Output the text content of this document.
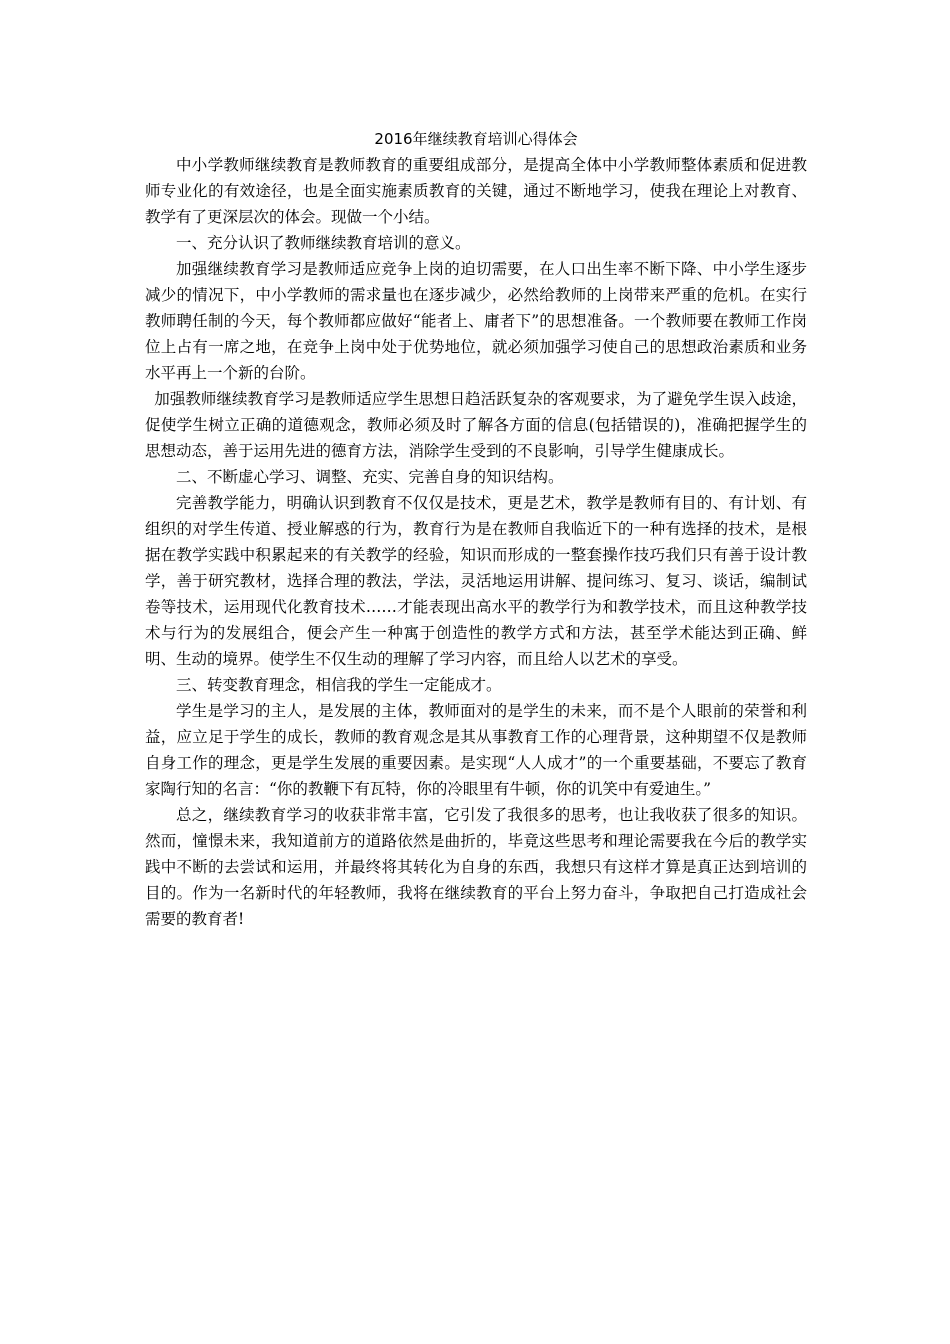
2016年继续教育培训心得体会

中小学教师继续教育是教师教育的重要组成部分，是提高全体中小学教师整体素质和促进教师专业化的有效途径，也是全面实施素质教育的关键，通过不断地学习，使我在理论上对教育、教学有了更深层次的体会。现做一个小结。

一、充分认识了教师继续教育培训的意义。

加强继续教育学习是教师适应竞争上岗的迫切需要，在人口出生率不断下降、中小学生逐步减少的情况下，中小学教师的需求量也在逐步减少，必然给教师的上岗带来严重的危机。在实行教师聘任制的今天，每个教师都应做好“能者上、庸者下”的思想准备。一个教师要在教师工作岗位上占有一席之地，在竞争上岗中处于优势地位，就必须加强学习使自己的思想政治素质和业务水平再上一个新的台阶。

加强教师继续教育学习是教师适应学生思想日趋活跃复杂的客观要求，为了避免学生误入歧途，促使学生树立正确的道德观念，教师必须及时了解各方面的信息(包括错误的)，准确把握学生的思想动态，善于运用先进的德育方法，消除学生受到的不良影响，引导学生健康成长。

二、不断虚心学习、调整、充实、完善自身的知识结构。

完善教学能力，明确认识到教育不仅仅是技术，更是艺术，教学是教师有目的、有计划、有组织的对学生传道、授业解惑的行为，教育行为是在教师自我临近下的一种有选择的技术，是根据在教学实践中积累起来的有关教学的经验，知识而形成的一整套操作技巧我们只有善于设计教学，善于研究教材，选择合理的教法，学法，灵活地运用讲解、提问练习、复习、谈话，编制试卷等技术，运用现代化教育技术……才能表现出高水平的教学行为和教学技术，而且这种教学技术与行为的发展组合，便会产生一种寓于创造性的教学方式和方法，甚至学术能达到正确、鲜明、生动的境界。使学生不仅生动的理解了学习内容，而且给人以艺术的享受。

三、转变教育理念，相信我的学生一定能成才。

学生是学习的主人，是发展的主体，教师面对的是学生的未来，而不是个人眼前的荣誉和利益，应立足于学生的成长，教师的教育观念是其从事教育工作的心理背景，这种期望不仅是教师自身工作的理念，更是学生发展的重要因素。是实现“人人成才”的一个重要基础，不要忘了教育家陶行知的名言：“你的教鞭下有瓦特，你的冷眼里有牛顿，你的讥笑中有爱迪生。”

总之，继续教育学习的收获非常丰富，它引发了我很多的思考，也让我收获了很多的知识。然而，憧憬未来，我知道前方的道路依然是曲折的，毕竟这些思考和理论需要我在今后的教学实践中不断的去尝试和运用，并最终将其转化为自身的东西，我想只有这样才算是真正达到培训的目的。作为一名新时代的年轻教师，我将在继续教育的平台上努力奋斗，争取把自己打造成社会需要的教育者!
